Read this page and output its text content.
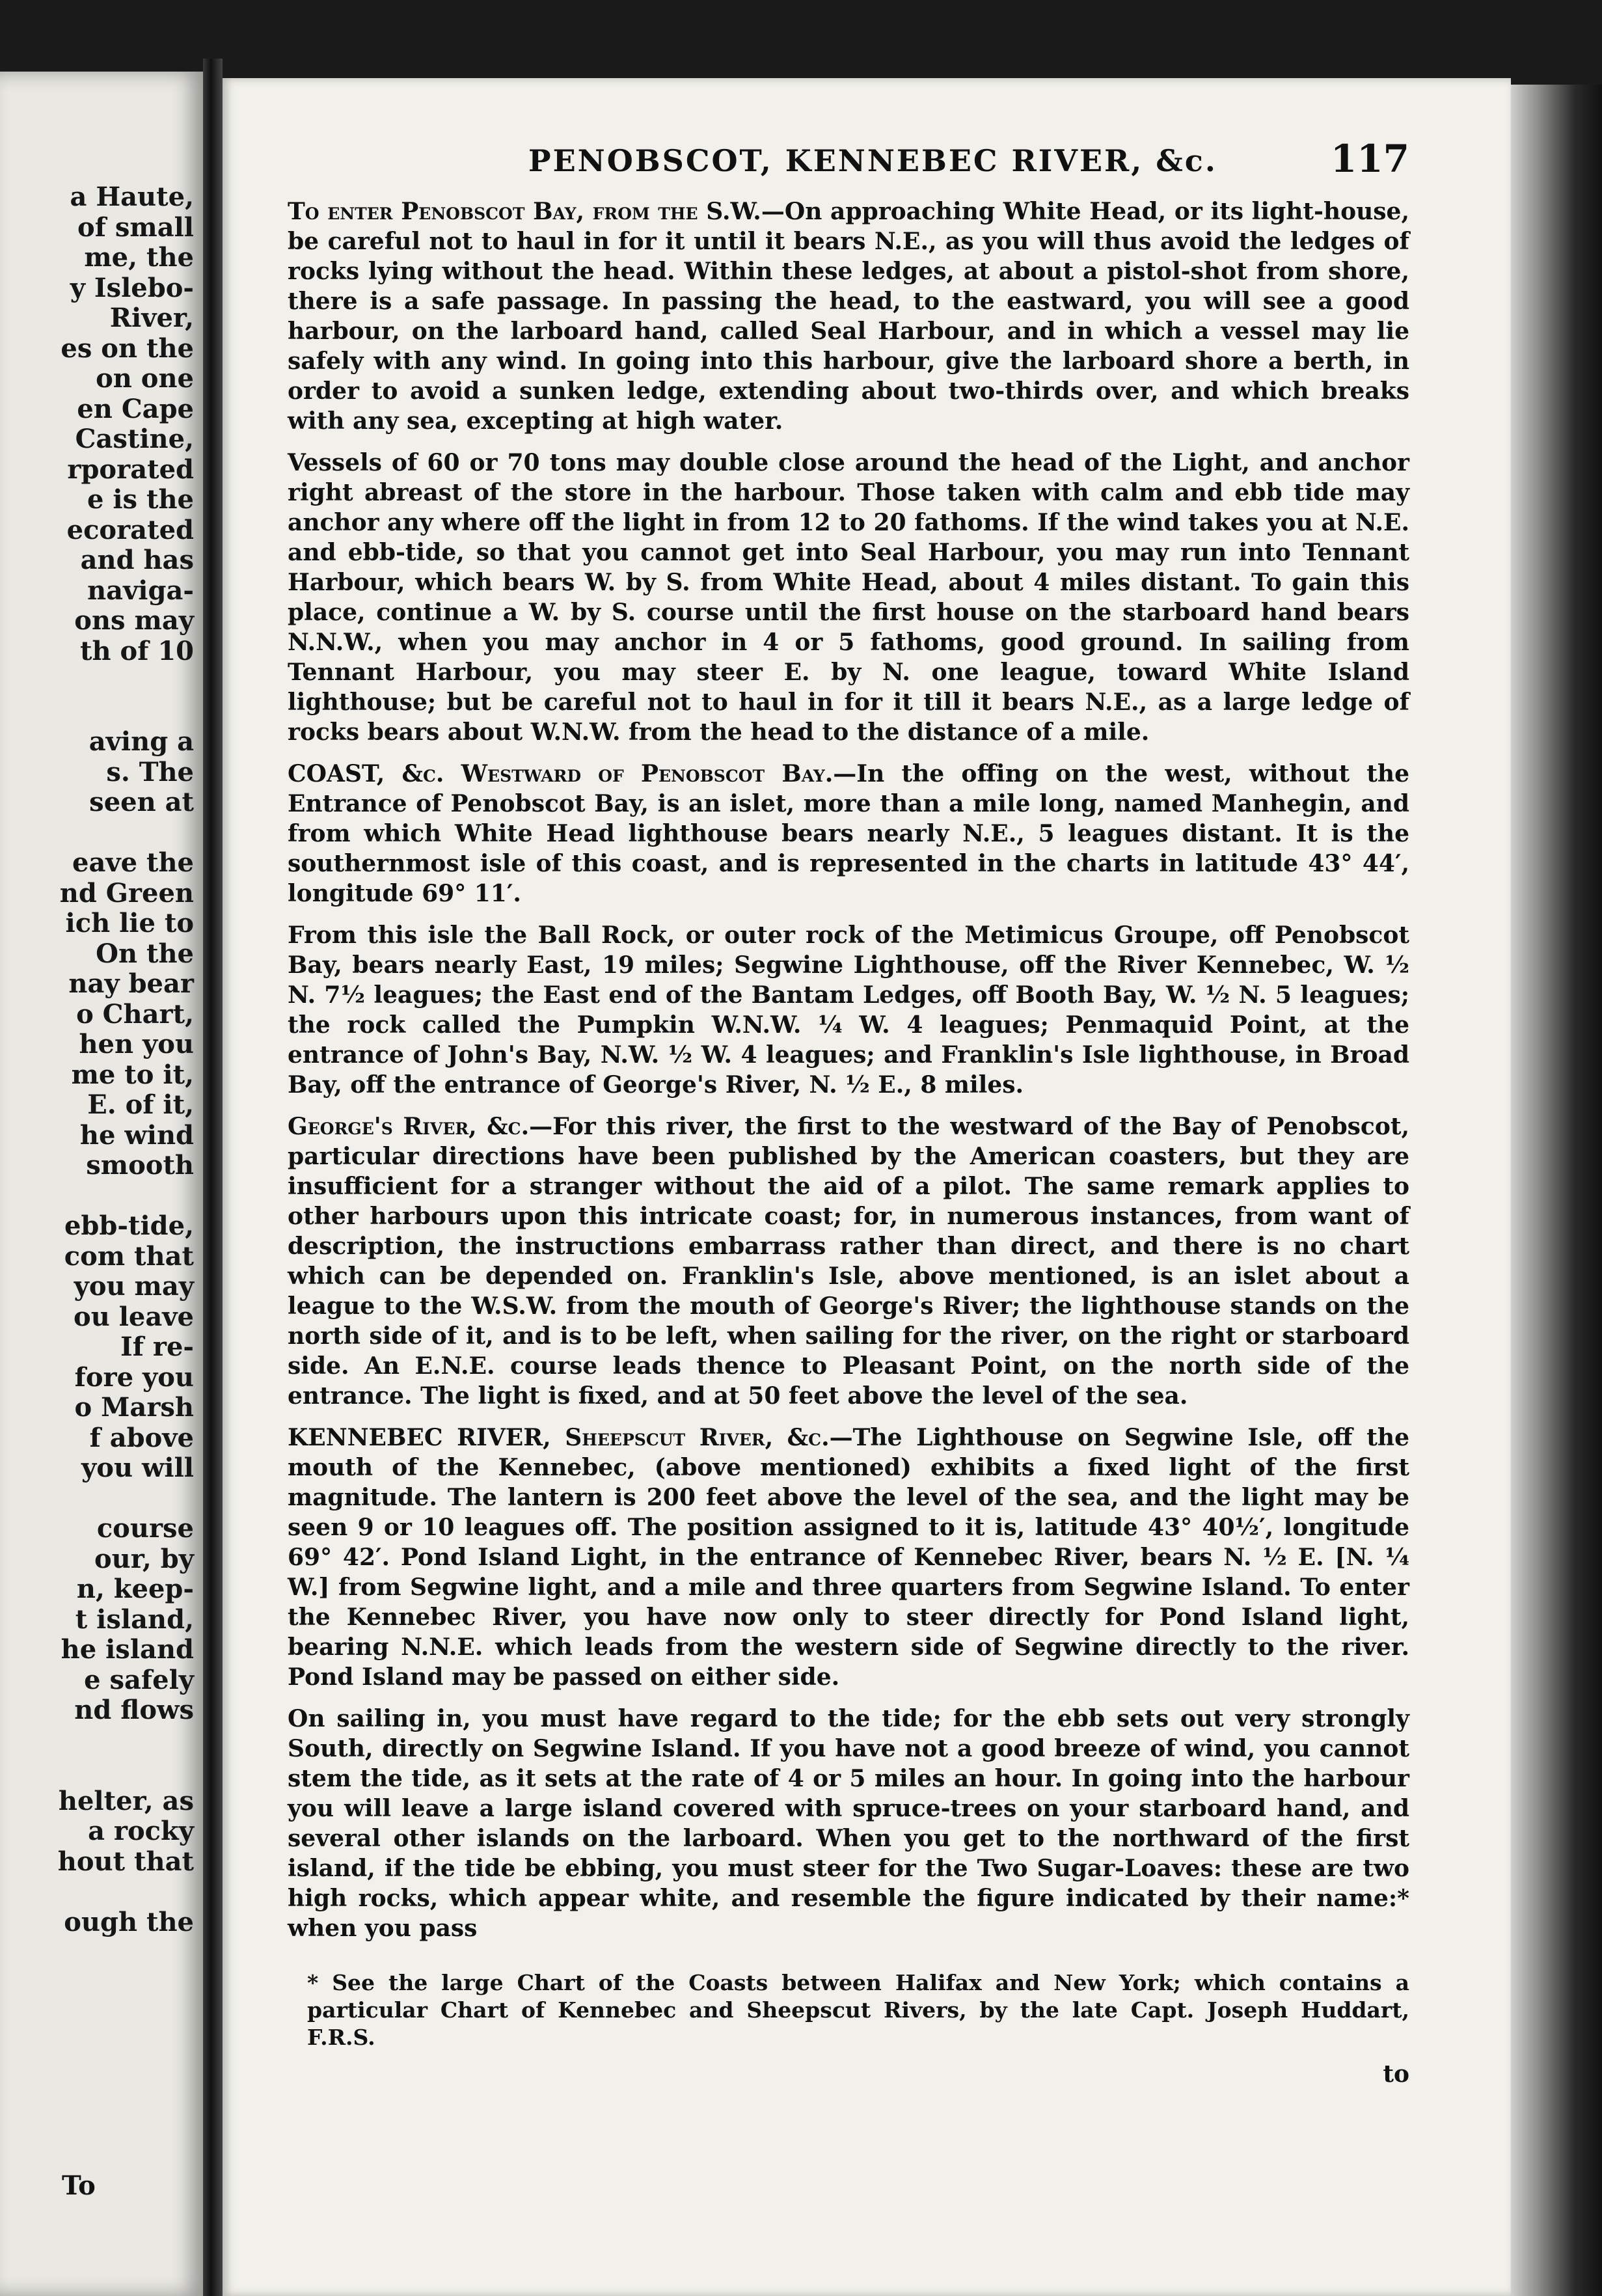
a Haute,
of small
me, the
y Islebo-
River,
es on the
on one
en Cape
Castine,
rporated
e is the
ecorated
and has
naviga-
ons may
th of 10

aving a
s. The
seen at

eave the
nd Green
ich lie to
On the
nay bear
o Chart,
hen you
me to it,
E. of it,
he wind
smooth

ebb-tide,
com that
you may
ou leave
If re-
fore you
o Marsh
f above
you will

course
our, by
n, keep-
t island,
he island
e safely
nd flows

helter, as
a rocky
hout that

ough the
To
PENOBSCOT, KENNEBEC RIVER, &c.	117

To enter Penobscot Bay, from the S.W.—On approaching White Head, or its light-house, be careful not to haul in for it until it bears N.E., as you will thus avoid the ledges of rocks lying without the head. Within these ledges, at about a pistol-shot from shore, there is a safe passage. In passing the head, to the eastward, you will see a good harbour, on the larboard hand, called Seal Harbour, and in which a vessel may lie safely with any wind. In going into this harbour, give the larboard shore a berth, in order to avoid a sunken ledge, extending about two-thirds over, and which breaks with any sea, excepting at high water.

Vessels of 60 or 70 tons may double close around the head of the Light, and anchor right abreast of the store in the harbour. Those taken with calm and ebb tide may anchor any where off the light in from 12 to 20 fathoms. If the wind takes you at N.E. and ebb-tide, so that you cannot get into Seal Harbour, you may run into Tennant Harbour, which bears W. by S. from White Head, about 4 miles distant. To gain this place, continue a W. by S. course until the first house on the starboard hand bears N.N.W., when you may anchor in 4 or 5 fathoms, good ground. In sailing from Tennant Harbour, you may steer E. by N. one league, toward White Island lighthouse; but be careful not to haul in for it till it bears N.E., as a large ledge of rocks bears about W.N.W. from the head to the distance of a mile.

COAST, &c. Westward of Penobscot Bay.—In the offing on the west, without the Entrance of Penobscot Bay, is an islet, more than a mile long, named Manhegin, and from which White Head lighthouse bears nearly N.E., 5 leagues distant. It is the southernmost isle of this coast, and is represented in the charts in latitude 43° 44′, longitude 69° 11′.

From this isle the Ball Rock, or outer rock of the Metimicus Groupe, off Penobscot Bay, bears nearly East, 19 miles; Segwine Lighthouse, off the River Kennebec, W. ½ N. 7½ leagues; the East end of the Bantam Ledges, off Booth Bay, W. ½ N. 5 leagues; the rock called the Pumpkin W.N.W. ¼ W. 4 leagues; Penmaquid Point, at the entrance of John's Bay, N.W. ½ W. 4 leagues; and Franklin's Isle lighthouse, in Broad Bay, off the entrance of George's River, N. ½ E., 8 miles.

George's River, &c.—For this river, the first to the westward of the Bay of Penobscot, particular directions have been published by the American coasters, but they are insufficient for a stranger without the aid of a pilot. The same remark applies to other harbours upon this intricate coast; for, in numerous instances, from want of description, the instructions embarrass rather than direct, and there is no chart which can be depended on. Franklin's Isle, above mentioned, is an islet about a league to the W.S.W. from the mouth of George's River; the lighthouse stands on the north side of it, and is to be left, when sailing for the river, on the right or starboard side. An E.N.E. course leads thence to Pleasant Point, on the north side of the entrance. The light is fixed, and at 50 feet above the level of the sea.

KENNEBEC RIVER, Sheepscut River, &c.—The Lighthouse on Segwine Isle, off the mouth of the Kennebec, (above mentioned) exhibits a fixed light of the first magnitude. The lantern is 200 feet above the level of the sea, and the light may be seen 9 or 10 leagues off. The position assigned to it is, latitude 43° 40½′, longitude 69° 42′. Pond Island Light, in the entrance of Kennebec River, bears N. ½ E. [N. ¼ W.] from Segwine light, and a mile and three quarters from Segwine Island. To enter the Kennebec River, you have now only to steer directly for Pond Island light, bearing N.N.E. which leads from the western side of Segwine directly to the river. Pond Island may be passed on either side.

On sailing in, you must have regard to the tide; for the ebb sets out very strongly South, directly on Segwine Island. If you have not a good breeze of wind, you cannot stem the tide, as it sets at the rate of 4 or 5 miles an hour. In going into the harbour you will leave a large island covered with spruce-trees on your starboard hand, and several other islands on the larboard. When you get to the northward of the first island, if the tide be ebbing, you must steer for the Two Sugar-Loaves: these are two high rocks, which appear white, and resemble the figure indicated by their name:* when you pass

* See the large Chart of the Coasts between Halifax and New York; which contains a particular Chart of Kennebec and Sheepscut Rivers, by the late Capt. Joseph Huddart, F.R.S.

to
